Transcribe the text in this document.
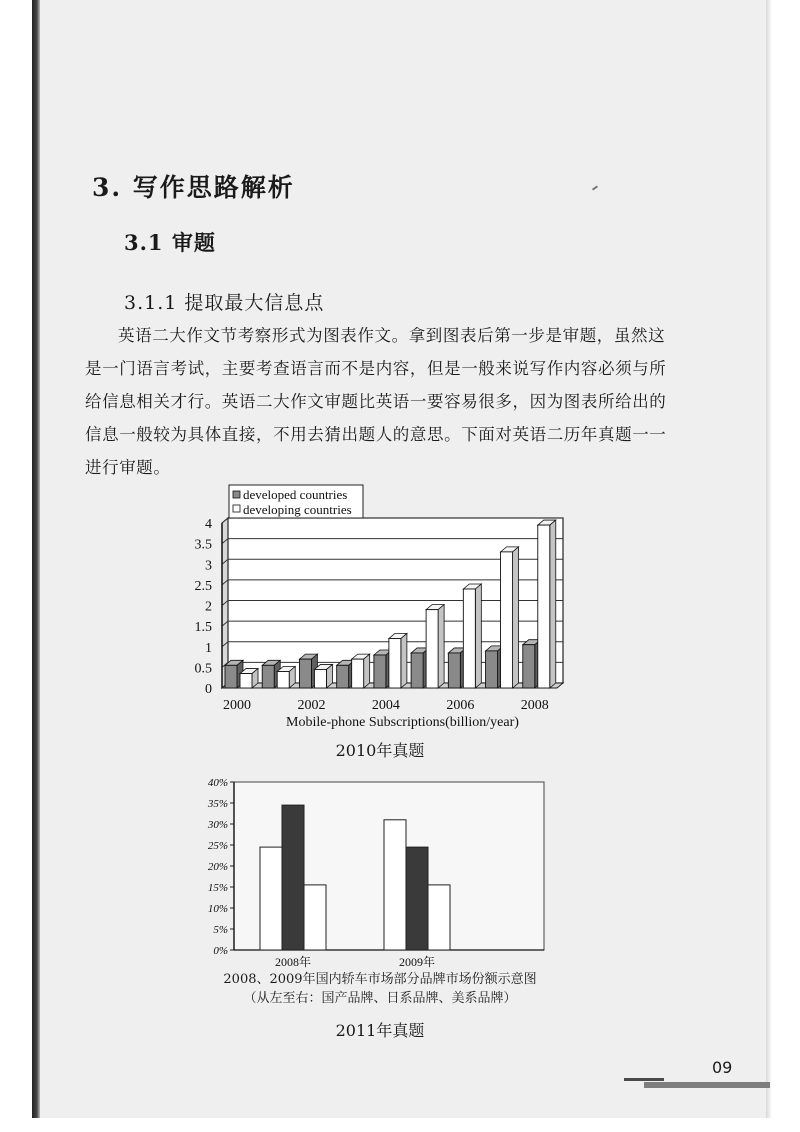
3. 写作思路解析
3.1 审题
3.1.1 提取最大信息点
英语二大作文节考察形式为图表作文。拿到图表后第一步是审题，虽然这
是一门语言考试，主要考查语言而不是内容，但是一般来说写作内容必须与所
给信息相关才行。英语二大作文审题比英语一要容易很多，因为图表所给出的
信息一般较为具体直接，不用去猜出题人的意思。下面对英语二历年真题一一
进行审题。
0
0.5
1
1.5
2
2.5
3
3.5
4
2000	2002	2004	2006	2008
Mobile-phone Subscriptions(billion/year)
developed countries
developing countries
2010年真题
0%
5%
10%
15%
20%
25%
30%
35%
40%
2008年	2009年
2008、2009年国内轿车市场部分品牌市场份额示意图
（从左至右：国产品牌、日系品牌、美系品牌）
2011年真题
09
